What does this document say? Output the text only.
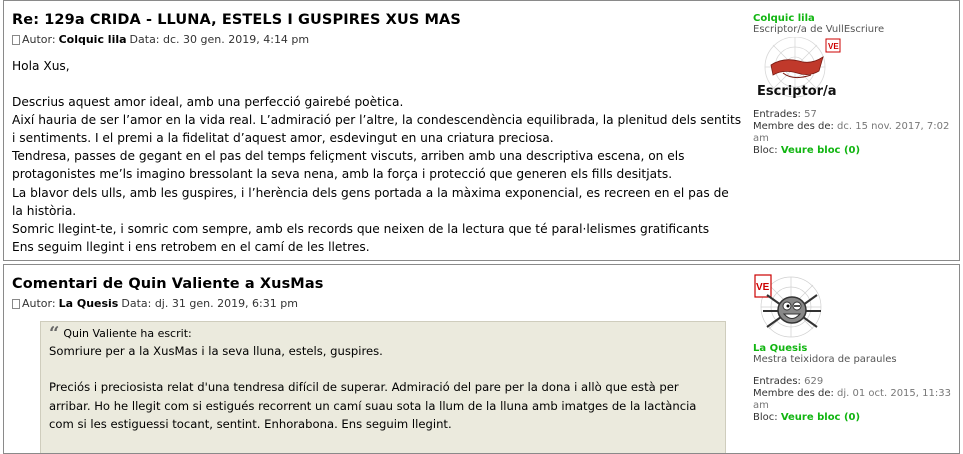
Re: 129a CRIDA - LLUNA, ESTELS I GUSPIRES XUS MAS
Autor: Colquic lila Data: dc. 30 gen. 2019, 4:14 pm

Hola Xus,

Descrius aquest amor ideal, amb una perfecció gairebé poètica.

Així hauria de ser l’amor en la vida real. L’admiració per l’altre, la condescendència equilibrada, la plenitud dels sentits i sentiments. I el premi a la fidelitat d’aquest amor, esdevingut en una criatura preciosa.

Tendresa, passes de gegant en el pas del temps feliçment viscuts, arriben amb una descriptiva escena, on els protagonistes me’ls imagino bressolant la seva nena, amb la força i protecció que generen els fills desitjats.

La blavor dels ulls, amb les guspires, i l’herència dels gens portada a la màxima exponencial, es recreen en el pas de la història.

Somric llegint-te, i somric com sempre, amb els records que neixen de la lectura que té paral·lelismes gratificants

Ens seguim llegint i ens retrobem en el camí de les lletres.

Colquic lila
Escriptor/a de VullEscriure
VE
Escriptor/a
Entrades: 57
Membre des de: dc. 15 nov. 2017, 7:02 am
Bloc: Veure bloc (0)
Comentari de Quin Valiente a XusMas
Autor: La Quesis Data: dj. 31 gen. 2019, 6:31 pm
“ Quin Valiente ha escrit:
Somriure per a la XusMas i la seva lluna, estels, guspires.
Preciós i preciosista relat d'una tendresa difícil de superar. Admiració del pare per la dona i allò que està per arribar. Ho he llegit com si estigués recorrent un camí suau sota la llum de la lluna amb imatges de la lactància com si les estiguessi tocant, sentint. Enhorabona. Ens seguim llegint.
VE
La Quesis
Mestra teixidora de paraules
Entrades: 629
Membre des de: dj. 01 oct. 2015, 11:33 am
Bloc: Veure bloc (0)
